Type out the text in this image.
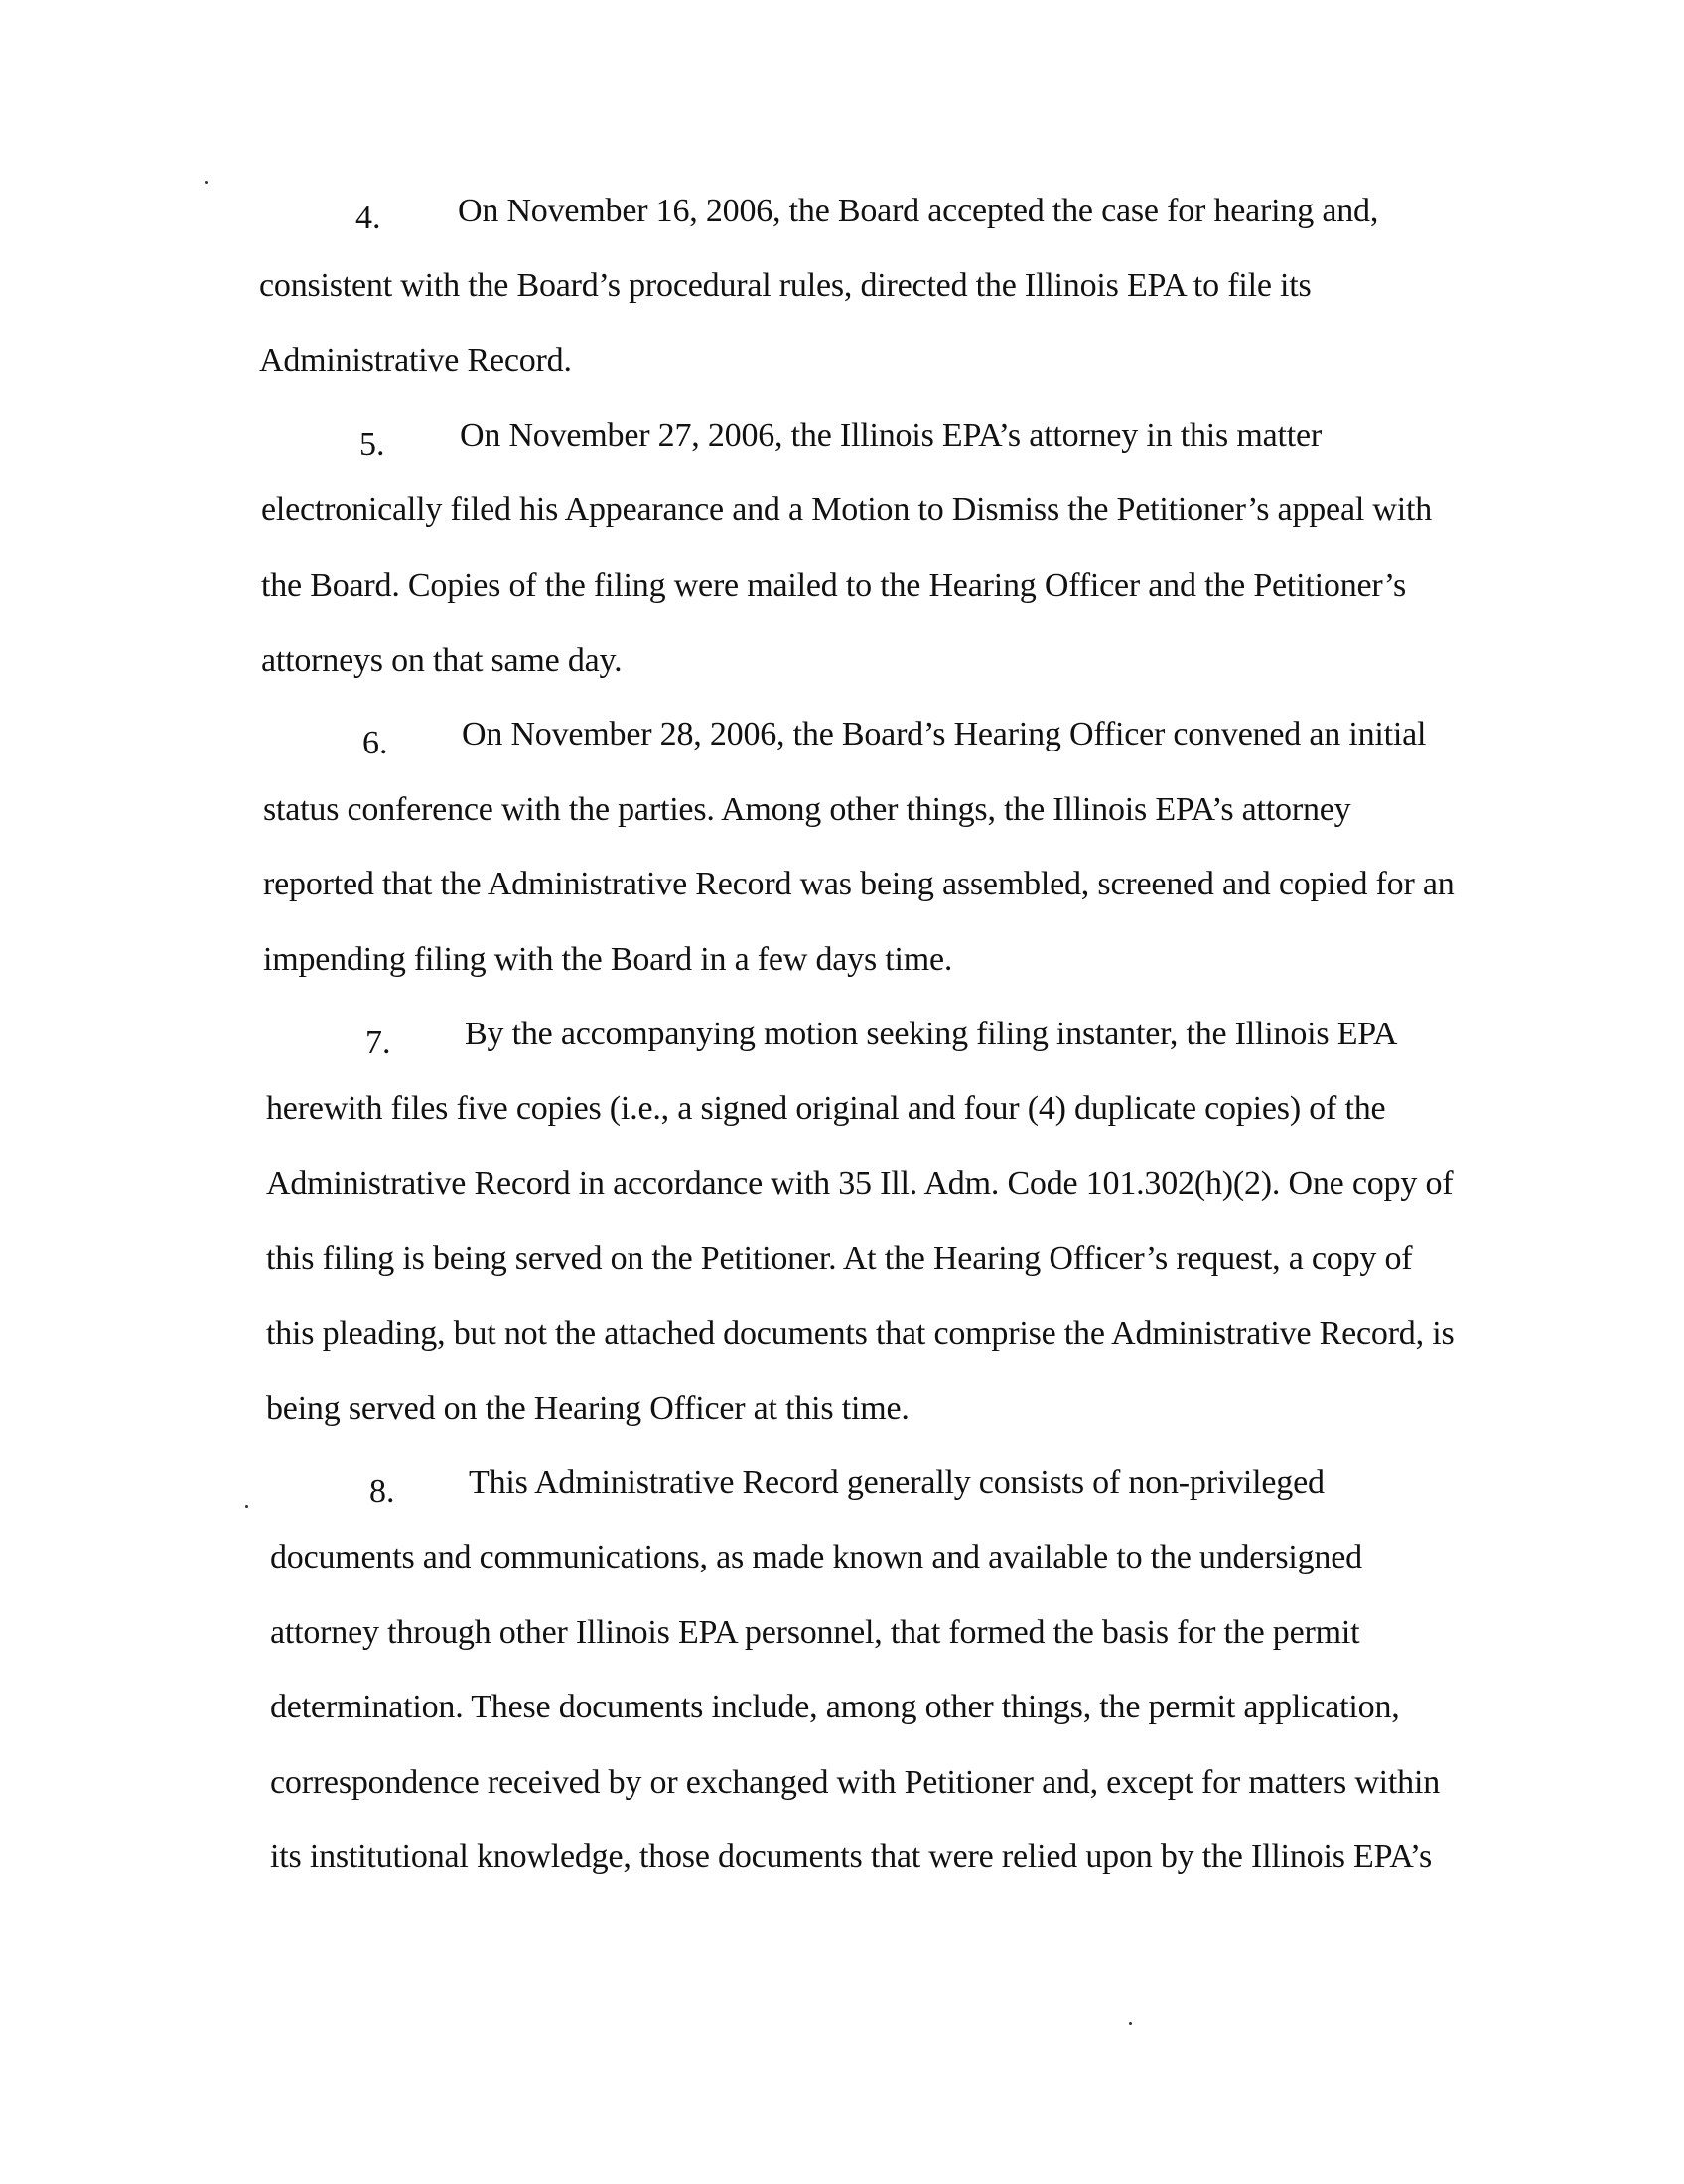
4. On November 16, 2006, the Board accepted the case for hearing and,
consistent with the Board’s procedural rules, directed the Illinois EPA to file its
Administrative Record.
5. On November 27, 2006, the Illinois EPA’s attorney in this matter
electronically filed his Appearance and a Motion to Dismiss the Petitioner’s appeal with
the Board. Copies of the filing were mailed to the Hearing Officer and the Petitioner’s
attorneys on that same day.
6. On November 28, 2006, the Board’s Hearing Officer convened an initial
status conference with the parties. Among other things, the Illinois EPA’s attorney
reported that the Administrative Record was being assembled, screened and copied for an
impending filing with the Board in a few days time.
7. By the accompanying motion seeking filing instanter, the Illinois EPA
herewith files five copies (i.e., a signed original and four (4) duplicate copies) of the
Administrative Record in accordance with 35 Ill. Adm. Code 101.302(h)(2). One copy of
this filing is being served on the Petitioner. At the Hearing Officer’s request, a copy of
this pleading, but not the attached documents that comprise the Administrative Record, is
being served on the Hearing Officer at this time.
8. This Administrative Record generally consists of non-privileged
documents and communications, as made known and available to the undersigned
attorney through other Illinois EPA personnel, that formed the basis for the permit
determination. These documents include, among other things, the permit application,
correspondence received by or exchanged with Petitioner and, except for matters within
its institutional knowledge, those documents that were relied upon by the Illinois EPA’s
